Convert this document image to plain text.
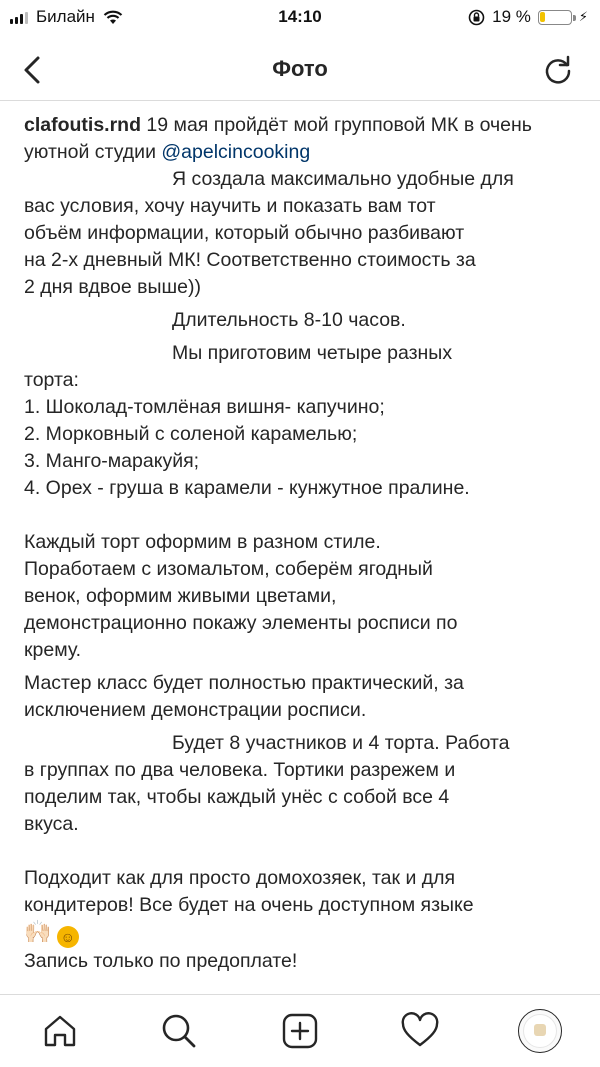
Билайн	14:10	19 %	⚡
Фото

clafoutis.rnd 19 мая пройдёт мой групповой МК в очень уютной студии @apelcincooking

Я создала максимально удобные для

вас условия, хочу научить и показать вам тот

объём информации, который обычно разбивают

на 2-х дневный МК! Соответственно стоимость за

2 дня вдвое выше))

Длительность 8-10 часов.

Мы приготовим четыре разных

торта:

1. Шоколад-томлёная вишня- капучино;

2. Морковный с соленой карамелью;

3. Манго-маракуйя;

4. Орех - груша в карамели - кунжутное пралине.

Каждый торт оформим в разном стиле.

Поработаем с изомальтом, соберём ягодный

венок, оформим живыми цветами,

демонстрационно покажу элементы росписи по

крему.

Мастер класс будет полностью практический, за

исключением демонстрации росписи.

Будет 8 участников и 4 торта. Работа

в группах по два человека. Тортики разрежем и

поделим так, чтобы каждый унёс с собой все 4

вкуса.

Подходит как для просто домохозяек, так и для

кондитеров! Все будет на очень доступном языке

🙌🏻 ☺

Запись только по предоплате!
